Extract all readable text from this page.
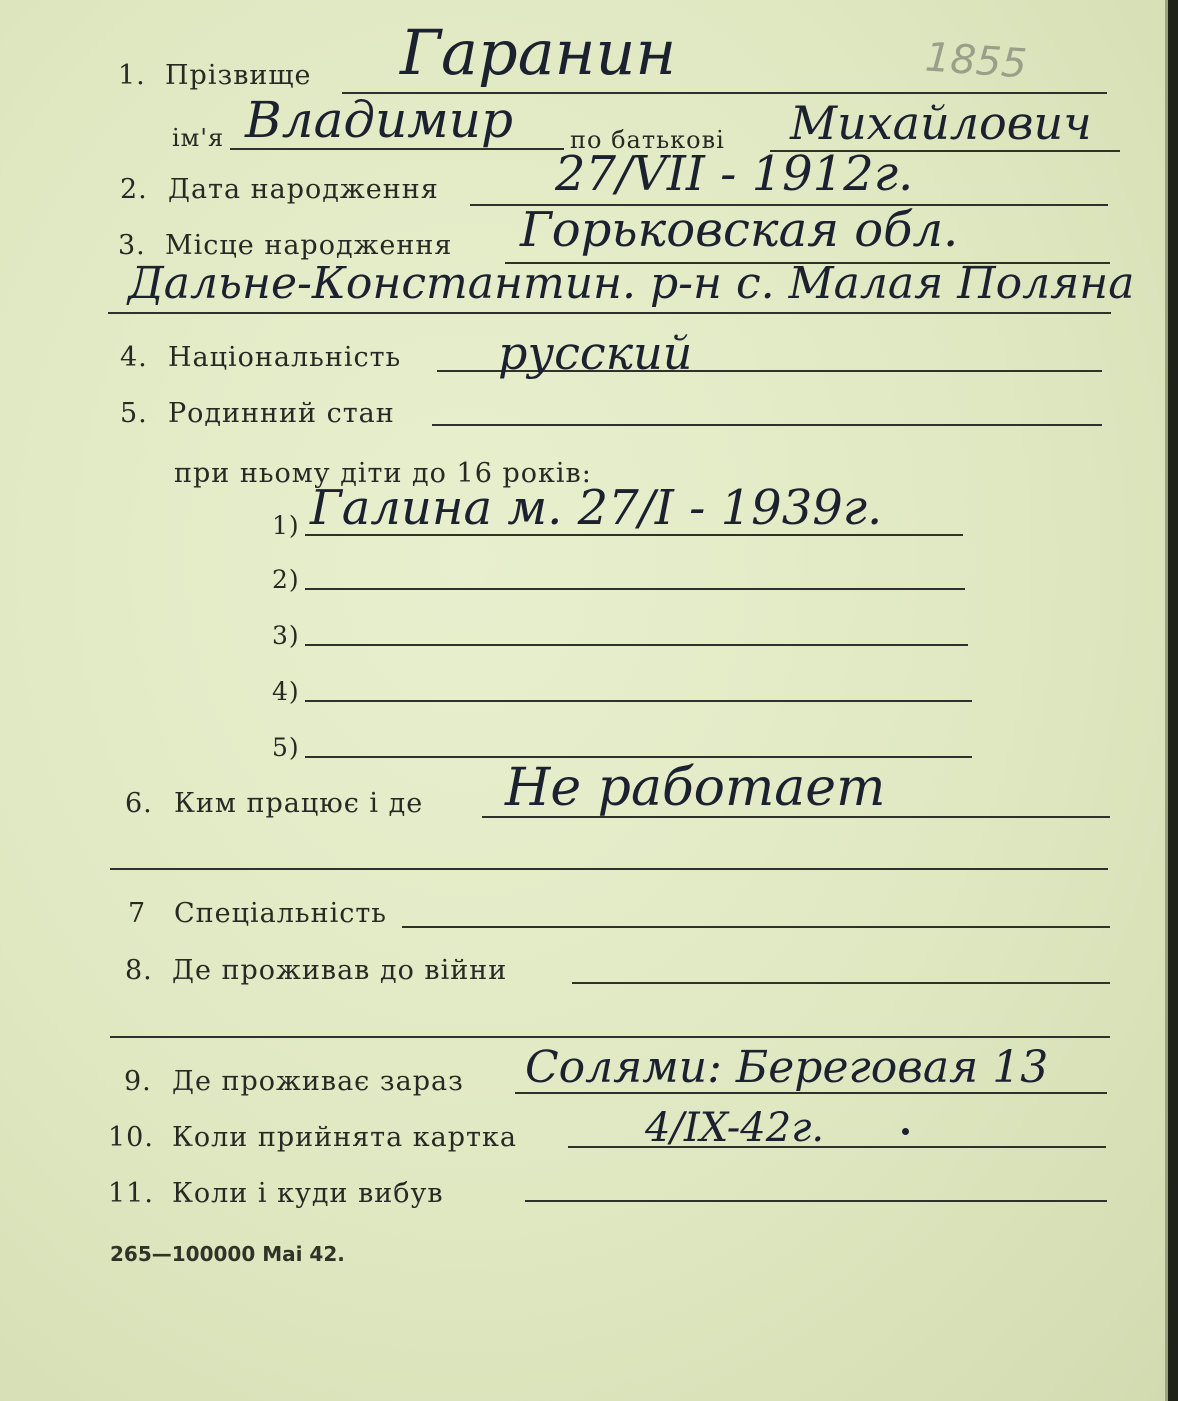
1855
1. Прізвище Гаранин
ім'я Владимир по батькові Михайлович
2. Дата народження 27/VII - 1912г.
3. Місце народження Горьковская обл.
Дальне-Константин. р-н с. Малая Поляна
4. Національність русский
5. Родинний стан
при ньому діти до 16 років:
1) Галина м. 27/I - 1939г.
2)
3)
4)
5)
6. Ким працює і де Не работает
7 Спеціальність
8. Де проживав до війни
9. Де проживає зараз Солями: Береговая 13
10. Коли прийнята картка	4/IX-42г.
11. Коли і куди вибув
265—100000 Маі 42.
